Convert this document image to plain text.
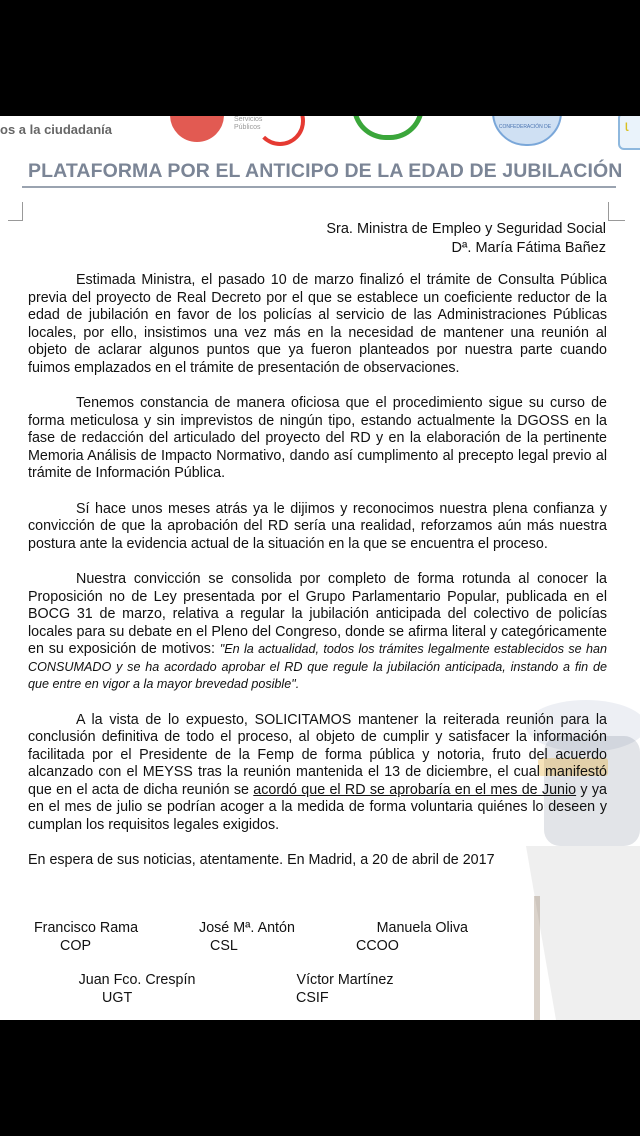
os a la ciudadanía
Servicios
Públicos	CONFEDERACIÓN DE	ɩ
PLATAFORMA POR EL ANTICIPO DE LA EDAD DE JUBILACIÓN
Sra. Ministra de Empleo y Seguridad Social
Dª. María Fátima Bañez

Estimada Ministra, el pasado 10 de marzo finalizó el trámite de Consulta Pública previa del proyecto de Real Decreto por el que se establece un coeficiente reductor de la edad de jubilación en favor de los policías al servicio de las Administraciones Públicas locales, por ello, insistimos una vez más en la necesidad de mantener una reunión al objeto de aclarar algunos puntos que ya fueron planteados por nuestra parte cuando fuimos emplazados en el trámite de presentación de observaciones.

Tenemos constancia de manera oficiosa que el procedimiento sigue su curso de forma meticulosa y sin imprevistos de ningún tipo, estando actualmente la DGOSS en la fase de redacción del articulado del proyecto del RD y en la elaboración de la pertinente Memoria Análisis de Impacto Normativo, dando así cumplimento al precepto legal previo al trámite de Información Pública.

Sí hace unos meses atrás ya le dijimos y reconocimos nuestra plena confianza y convicción de que la aprobación del RD sería una realidad, reforzamos aún más nuestra postura ante la evidencia actual de la situación en la que se encuentra el proceso.

Nuestra convicción se consolida por completo de forma rotunda al conocer la Proposición no de Ley presentada por el Grupo Parlamentario Popular, publicada en el BOCG 31 de marzo, relativa a regular la jubilación anticipada del colectivo de policías locales para su debate en el Pleno del Congreso, donde se afirma literal y categóricamente en su exposición de motivos: "En la actualidad, todos los trámites legalmente establecidos se han CONSUMADO y se ha acordado aprobar el RD que regule la jubilación anticipada, instando a fin de que entre en vigor a la mayor brevedad posible".

A la vista de lo expuesto, SOLICITAMOS mantener la reiterada reunión para la conclusión definitiva de todo el proceso, al objeto de cumplir y satisfacer la información facilitada por el Presidente de la Femp de forma pública y notoria, fruto del acuerdo alcanzado con el MEYSS tras la reunión mantenida el 13 de diciembre, el cual manifestó que en el acta de dicha reunión se acordó que el RD se aprobaría en el mes de Junio y ya en el mes de julio se podrían acoger a la medida de forma voluntaria quiénes lo deseen y cumplan los requisitos legales exigidos.

En espera de sus noticias, atentamente. En Madrid, a 20 de abril de 2017

Francisco Rama
COP
José Mª. Antón
CSL
Manuela Oliva
CCOO
Juan Fco. Crespín
UGT
Víctor Martínez
CSIF
